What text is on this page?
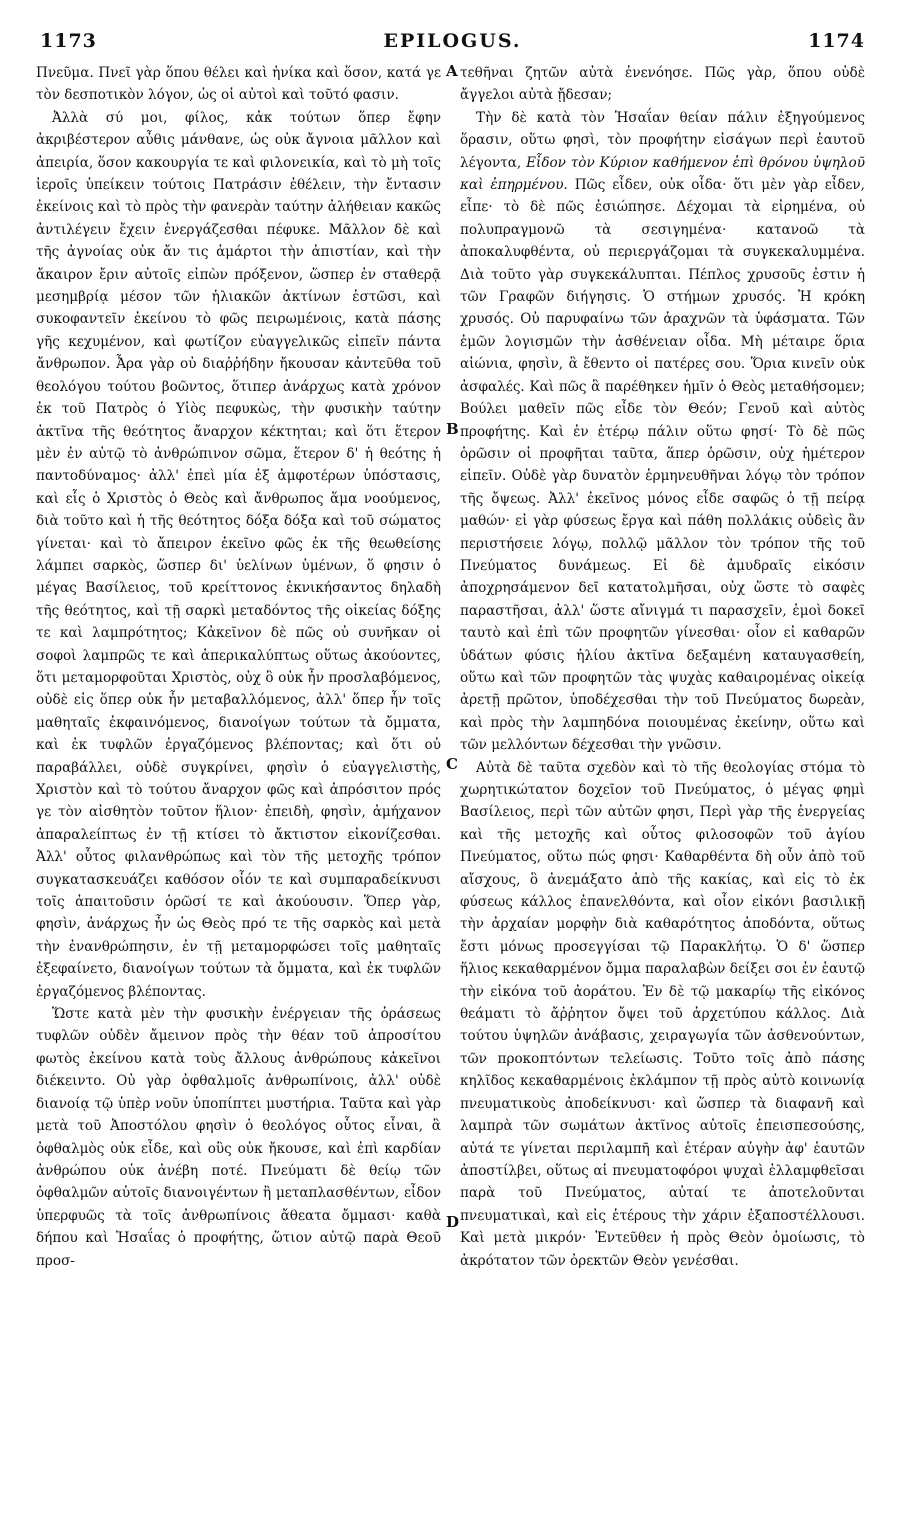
1173	EPILOGUS.	1174

Πνεῦμα. Πνεῖ γὰρ ὅπου θέλει καὶ ἡνίκα καὶ ὅσον, κατά γε τὸν δεσποτικὸν λόγον, ὡς οἱ αὐτοὶ καὶ τοῦτό φασιν.

Ἀλλὰ σύ μοι, φίλος, κἀκ τούτων ὅπερ ἔφην ἀκριβέστερον αὖθις μάνθανε, ὡς οὐκ ἄγνοια μᾶλλον καὶ ἀπειρία, ὅσον κακουργία τε καὶ φιλονεικία, καὶ τὸ μὴ τοῖς ἱεροῖς ὑπείκειν τούτοις Πατράσιν ἐθέλειν, τὴν ἔντασιν ἐκείνοις καὶ τὸ πρὸς τὴν φανερὰν ταύτην ἀλήθειαν κακῶς ἀντιλέγειν ἔχειν ἐνεργάζεσθαι πέφυκε. Μᾶλλον δὲ καὶ τῆς ἀγνοίας οὐκ ἄν τις ἁμάρτοι τὴν ἀπιστίαν, καὶ τὴν ἄκαιρον ἔριν αὐτοῖς εἰπὼν πρόξενον, ὥσπερ ἐν σταθερᾷ μεσημβρίᾳ μέσον τῶν ἡλιακῶν ἀκτίνων ἑστῶσι, καὶ συκοφαντεῖν ἐκείνου τὸ φῶς πειρωμένοις, κατὰ πάσης γῆς κεχυμένον, καὶ φωτίζον εὐαγγελικῶς εἰπεῖν πάντα ἄνθρωπον. Ἆρα γὰρ οὐ διαῤῥήδην ἤκουσαν κἀντεῦθα τοῦ θεολόγου τούτου βοῶντος, ὅτιπερ ἀνάρχως κατὰ χρόνον ἐκ τοῦ Πατρὸς ὁ Υἱὸς πεφυκὼς, τὴν φυσικὴν ταύτην ἀκτῖνα τῆς θεότητος ἄναρχον κέκτηται; καὶ ὅτι ἕτερον μὲν ἐν αὐτῷ τὸ ἀνθρώπινον σῶμα, ἕτερον δ' ἡ θεότης ἡ παντοδύναμος· ἀλλ' ἐπεὶ μία ἐξ ἀμφοτέρων ὑπόστασις, καὶ εἷς ὁ Χριστὸς ὁ Θεὸς καὶ ἄνθρωπος ἅμα νοούμενος, διὰ τοῦτο καὶ ἡ τῆς θεότητος δόξα δόξα καὶ τοῦ σώματος γίνεται· καὶ τὸ ἄπειρον ἐκεῖνο φῶς ἐκ τῆς θεωθείσης λάμπει σαρκὸς, ὥσπερ δι' ὑελίνων ὑμένων, ὅ φησιν ὁ μέγας Βασίλειος, τοῦ κρείττονος ἐκνικήσαντος δηλαδὴ τῆς θεότητος, καὶ τῇ σαρκὶ μεταδόντος τῆς οἰκείας δόξης τε καὶ λαμπρότητος; Κἀκεῖνον δὲ πῶς οὐ συνῆκαν οἱ σοφοὶ λαμπρῶς τε καὶ ἀπερικαλύπτως οὕτως ἀκούοντες, ὅτι μεταμορφοῦται Χριστὸς, οὐχ ὃ οὐκ ἦν προσλαβόμενος, οὐδὲ εἰς ὅπερ οὐκ ἦν μεταβαλλόμενος, ἀλλ' ὅπερ ἦν τοῖς μαθηταῖς ἐκφαινόμενος, διανοίγων τούτων τὰ ὄμματα, καὶ ἐκ τυφλῶν ἐργαζόμενος βλέποντας; καὶ ὅτι οὐ παραβάλλει, οὐδὲ συγκρίνει, φησὶν ὁ εὐαγγελιστὴς, Χριστὸν καὶ τὸ τούτου ἄναρχον φῶς καὶ ἀπρόσιτον πρός γε τὸν αἰσθητὸν τοῦτον ἥλιον· ἐπειδὴ, φησὶν, ἀμήχανον ἀπαραλείπτως ἐν τῇ κτίσει τὸ ἄκτιστον εἰκονίζεσθαι. Ἀλλ' οὗτος φιλανθρώπως καὶ τὸν τῆς μετοχῆς τρόπον συγκατασκευάζει καθόσον οἷόν τε καὶ συμπαραδείκνυσι τοῖς ἀπαιτοῦσιν ὁρῶσί τε καὶ ἀκούουσιν. Ὅπερ γὰρ, φησὶν, ἀνάρχως ἦν ὡς Θεὸς πρό τε τῆς σαρκὸς καὶ μετὰ τὴν ἐνανθρώπησιν, ἐν τῇ μεταμορφώσει τοῖς μαθηταῖς ἐξεφαίνετο, διανοίγων τούτων τὰ ὄμματα, καὶ ἐκ τυφλῶν ἐργαζόμενος βλέποντας.

Ὥστε κατὰ μὲν τὴν φυσικὴν ἐνέργειαν τῆς ὁράσεως τυφλῶν οὐδὲν ἄμεινον πρὸς τὴν θέαν τοῦ ἀπροσίτου φωτὸς ἐκείνου κατὰ τοὺς ἄλλους ἀνθρώπους κἀκεῖνοι διέκειντο. Οὐ γὰρ ὀφθαλμοῖς ἀνθρωπίνοις, ἀλλ' οὐδὲ διανοίᾳ τῷ ὑπὲρ νοῦν ὑποπίπτει μυστήρια. Ταῦτα καὶ γὰρ μετὰ τοῦ Ἀποστόλου φησὶν ὁ θεολόγος οὗτος εἶναι, ἃ ὀφθαλμὸς οὐκ εἶδε, καὶ οὓς οὐκ ἤκουσε, καὶ ἐπὶ καρδίαν ἀνθρώπου οὐκ ἀνέβη ποτέ. Πνεύματι δὲ θείῳ τῶν ὀφθαλμῶν αὐτοῖς διανοιγέντων ἢ μεταπλασθέντων, εἶδον ὑπερφυῶς τὰ τοῖς ἀνθρωπίνοις ἄθεατα ὄμμασι· καθὰ δήπου καὶ Ἡσαΐας ὁ προφήτης, ὥτιον αὐτῷ παρὰ Θεοῦ προσ-

τεθῆναι ζητῶν αὐτὰ ἐνενόησε. Πῶς γὰρ, ὅπου οὐδὲ ἄγγελοι αὐτὰ ᾔδεσαν;

Τὴν δὲ κατὰ τὸν Ἡσαΐαν θείαν πάλιν ἐξηγούμενος ὅρασιν, οὕτω φησὶ, τὸν προφήτην εἰσάγων περὶ ἑαυτοῦ λέγοντα, Εἶδον τὸν Κύριον καθήμενον ἐπὶ θρόνου ὑψηλοῦ καὶ ἐπηρμένου. Πῶς εἶδεν, οὐκ οἶδα· ὅτι μὲν γὰρ εἶδεν, εἶπε· τὸ δὲ πῶς ἐσιώπησε. Δέχομαι τὰ εἰρημένα, οὐ πολυπραγμονῶ τὰ σεσιγημένα· κατανοῶ τὰ ἀποκαλυφθέντα, οὐ περιεργάζομαι τὰ συγκεκαλυμμένα. Διὰ τοῦτο γὰρ συγκεκάλυπται. Πέπλος χρυσοῦς ἐστιν ἡ τῶν Γραφῶν διήγησις. Ὁ στήμων χρυσός. Ἡ κρόκη χρυσός. Οὐ παρυφαίνω τῶν ἀραχνῶν τὰ ὑφάσματα. Τῶν ἐμῶν λογισμῶν τὴν ἀσθένειαν οἶδα. Μὴ μέταιρε ὅρια αἰώνια, φησὶν, ἃ ἔθεντο οἱ πατέρες σου. Ὅρια κινεῖν οὐκ ἀσφαλές. Καὶ πῶς ἃ παρέθηκεν ἡμῖν ὁ Θεὸς μεταθήσομεν; Βούλει μαθεῖν πῶς εἶδε τὸν Θεόν; Γενοῦ καὶ αὐτὸς προφήτης. Καὶ ἐν ἑτέρῳ πάλιν οὕτω φησί· Τὸ δὲ πῶς ὁρῶσιν οἱ προφῆται ταῦτα, ἅπερ ὁρῶσιν, οὐχ ἡμέτερον εἰπεῖν. Οὐδὲ γὰρ δυνατὸν ἑρμηνευθῆναι λόγῳ τὸν τρόπον τῆς ὄψεως. Ἀλλ' ἐκεῖνος μόνος εἶδε σαφῶς ὁ τῇ πείρᾳ μαθών· εἰ γὰρ φύσεως ἔργα καὶ πάθη πολλάκις οὐδεὶς ἂν περιστήσειε λόγῳ, πολλῷ μᾶλλον τὸν τρόπον τῆς τοῦ Πνεύματος δυνάμεως. Εἰ δὲ ἀμυδραῖς εἰκόσιν ἀποχρησάμενον δεῖ κατατολμῆσαι, οὐχ ὥστε τὸ σαφὲς παραστῆσαι, ἀλλ' ὥστε αἴνιγμά τι παρασχεῖν, ἐμοὶ δοκεῖ ταυτὸ καὶ ἐπὶ τῶν προφητῶν γίνεσθαι· οἷον εἰ καθαρῶν ὑδάτων φύσις ἡλίου ἀκτῖνα δεξαμένη καταυγασθείη, οὕτω καὶ τῶν προφητῶν τὰς ψυχὰς καθαιρομένας οἰκείᾳ ἀρετῇ πρῶτον, ὑποδέχεσθαι τὴν τοῦ Πνεύματος δωρεὰν, καὶ πρὸς τὴν λαμπηδόνα ποιουμένας ἐκείνην, οὕτω καὶ τῶν μελλόντων δέχεσθαι τὴν γνῶσιν.

Αὐτὰ δὲ ταῦτα σχεδὸν καὶ τὸ τῆς θεολογίας στόμα τὸ χωρητικώτατον δοχεῖον τοῦ Πνεύματος, ὁ μέγας φημὶ Βασίλειος, περὶ τῶν αὐτῶν φησι, Περὶ γὰρ τῆς ἐνεργείας καὶ τῆς μετοχῆς καὶ οὗτος φιλοσοφῶν τοῦ ἁγίου Πνεύματος, οὕτω πώς φησι· Καθαρθέντα δὴ οὖν ἀπὸ τοῦ αἴσχους, ὃ ἀνεμάξατο ἀπὸ τῆς κακίας, καὶ εἰς τὸ ἐκ φύσεως κάλλος ἐπανελθόντα, καὶ οἷον εἰκόνι βασιλικῇ τὴν ἀρχαίαν μορφὴν διὰ καθαρότητος ἀποδόντα, οὕτως ἔστι μόνως προσεγγίσαι τῷ Παρακλήτῳ. Ὁ δ' ὥσπερ ἥλιος κεκαθαρμένον ὄμμα παραλαβὼν δείξει σοι ἐν ἑαυτῷ τὴν εἰκόνα τοῦ ἀοράτου. Ἐν δὲ τῷ μακαρίῳ τῆς εἰκόνος θεάματι τὸ ἄῤῥητον ὄψει τοῦ ἀρχετύπου κάλλος. Διὰ τούτου ὑψηλῶν ἀνάβασις, χειραγωγία τῶν ἀσθενούντων, τῶν προκοπτόντων τελείωσις. Τοῦτο τοῖς ἀπὸ πάσης κηλῖδος κεκαθαρμένοις ἐκλάμπον τῇ πρὸς αὐτὸ κοινωνίᾳ πνευματικοὺς ἀποδείκνυσι· καὶ ὥσπερ τὰ διαφανῆ καὶ λαμπρὰ τῶν σωμάτων ἀκτῖνος αὐτοῖς ἐπεισπεσούσης, αὐτά τε γίνεται περιλαμπῆ καὶ ἑτέραν αὐγὴν ἀφ' ἑαυτῶν ἀποστίλβει, οὕτως αἱ πνευματοφόροι ψυχαὶ ἐλλαμφθεῖσαι παρὰ τοῦ Πνεύματος, αὐταί τε ἀποτελοῦνται πνευματικαὶ, καὶ εἰς ἑτέρους τὴν χάριν ἐξαποστέλλουσι. Καὶ μετὰ μικρόν· Ἐντεῦθεν ἡ πρὸς Θεὸν ὁμοίωσις, τὸ ἀκρότατον τῶν ὀρεκτῶν Θεὸν γενέσθαι.

A
B
C
D
